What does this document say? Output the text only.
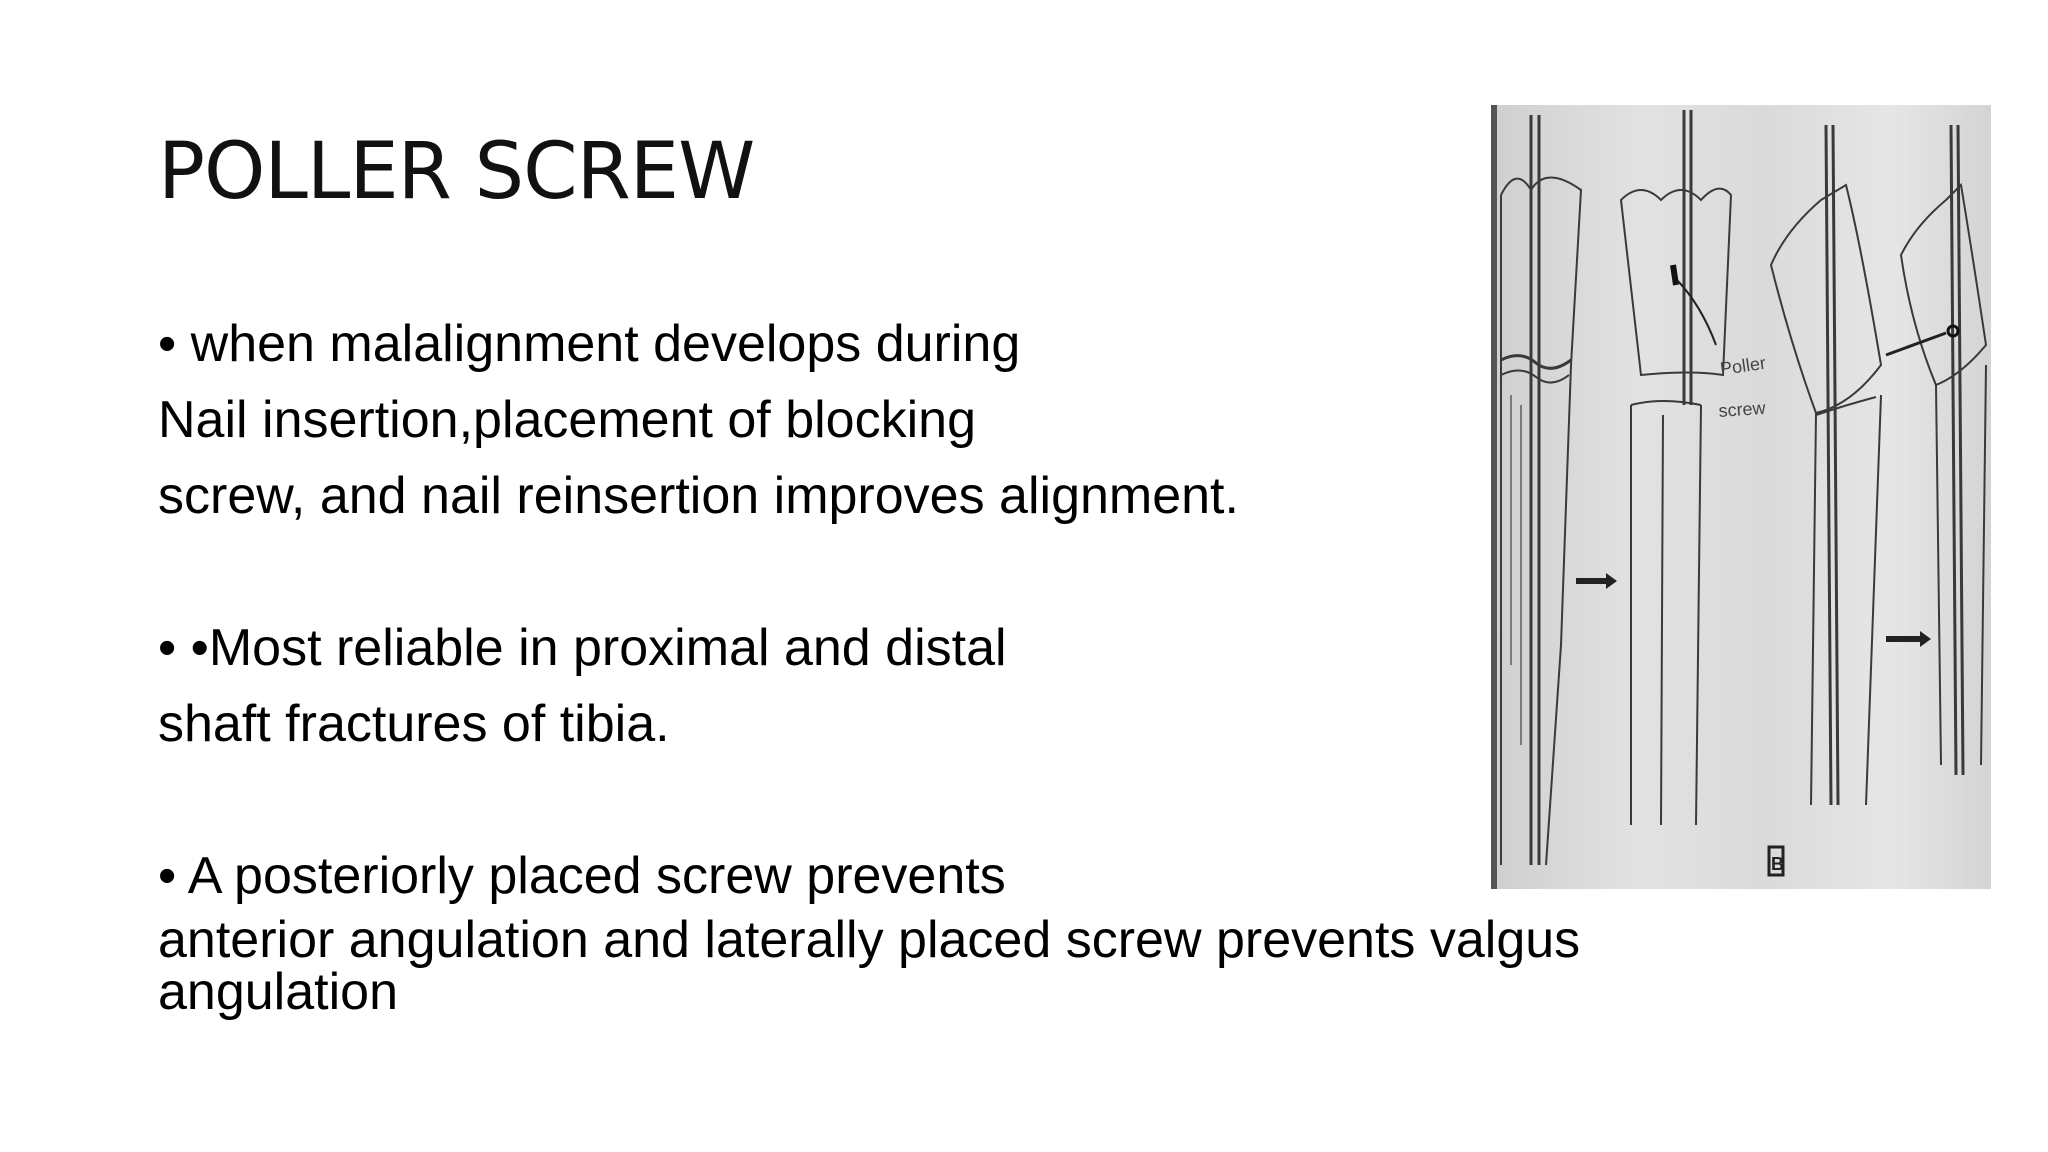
POLLER SCREW
• when malalignment develops during
Nail insertion,placement of blocking
screw, and nail reinsertion improves alignment.
• •Most reliable in proximal and distal
shaft fractures of tibia.
• A posteriorly placed screw prevents
anterior angulation and laterally placed screw prevents valgus angulation
Poller
screw
B
